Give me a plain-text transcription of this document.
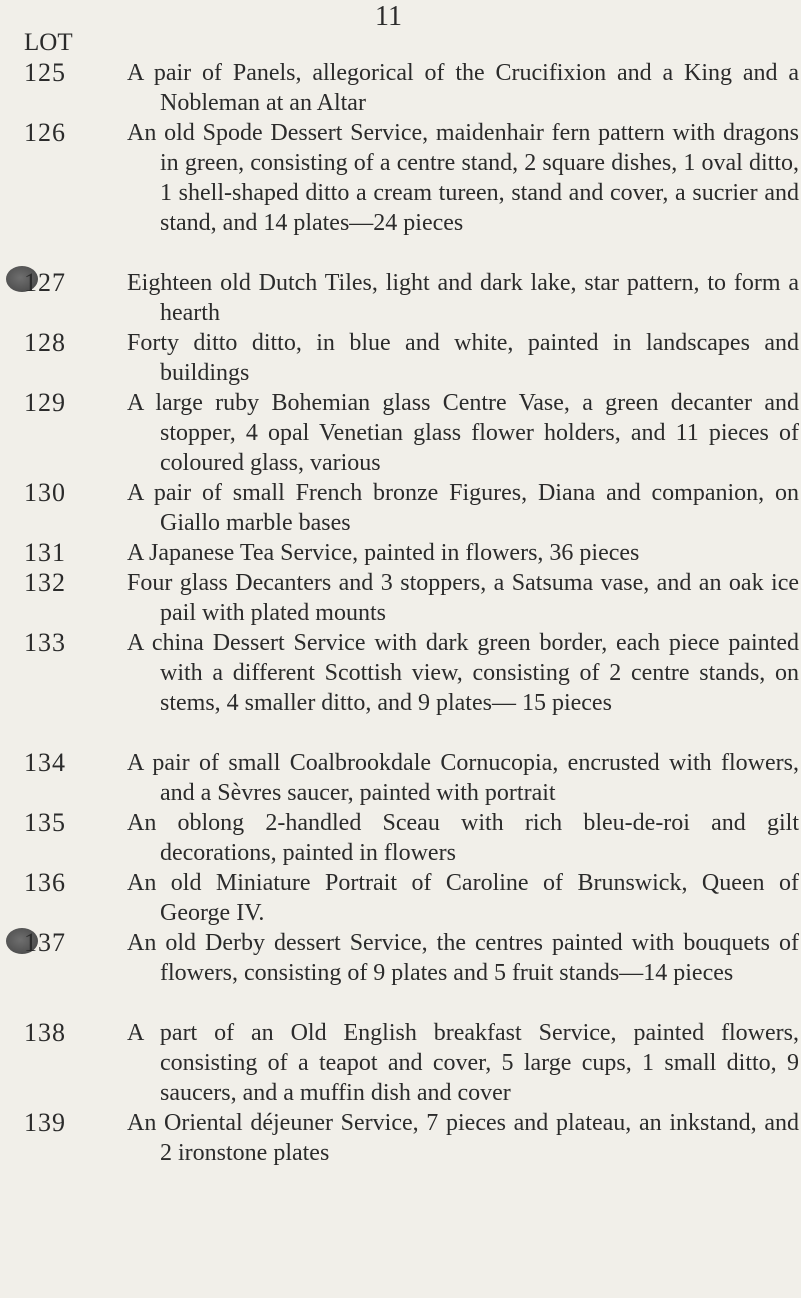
11
LOT
125	A pair of Panels, allegorical of the Crucifixion and a King and a Nobleman at an Altar
126	An old Spode Dessert Service, maidenhair fern pattern with dragons in green, consisting of a centre stand, 2 square dishes, 1 oval ditto, 1 shell-shaped ditto a cream tureen, stand and cover, a sucrier and stand, and 14 plates—24 pieces
127	Eighteen old Dutch Tiles, light and dark lake, star pattern, to form a hearth
128	Forty ditto ditto, in blue and white, painted in landscapes and buildings
129	A large ruby Bohemian glass Centre Vase, a green decanter and stopper, 4 opal Venetian glass flower holders, and 11 pieces of coloured glass, various
130	A pair of small French bronze Figures, Diana and companion, on Giallo marble bases
131	A Japanese Tea Service, painted in flowers, 36 pieces
132	Four glass Decanters and 3 stoppers, a Satsuma vase, and an oak ice pail with plated mounts
133	A china Dessert Service with dark green border, each piece painted with a different Scottish view, consisting of 2 centre stands, on stems, 4 smaller ditto, and 9 plates— 15 pieces
134	A pair of small Coalbrookdale Cornucopia, encrusted with flowers, and a Sèvres saucer, painted with portrait
135	An oblong 2-handled Sceau with rich bleu-de-roi and gilt decorations, painted in flowers
136	An old Miniature Portrait of Caroline of Brunswick, Queen of George IV.
137	An old Derby dessert Service, the centres painted with bouquets of flowers, consisting of 9 plates and 5 fruit stands—14 pieces
138	A part of an Old English breakfast Service, painted flowers, consisting of a teapot and cover, 5 large cups, 1 small ditto, 9 saucers, and a muffin dish and cover
139	An Oriental déjeuner Service, 7 pieces and plateau, an inkstand, and 2 ironstone plates
